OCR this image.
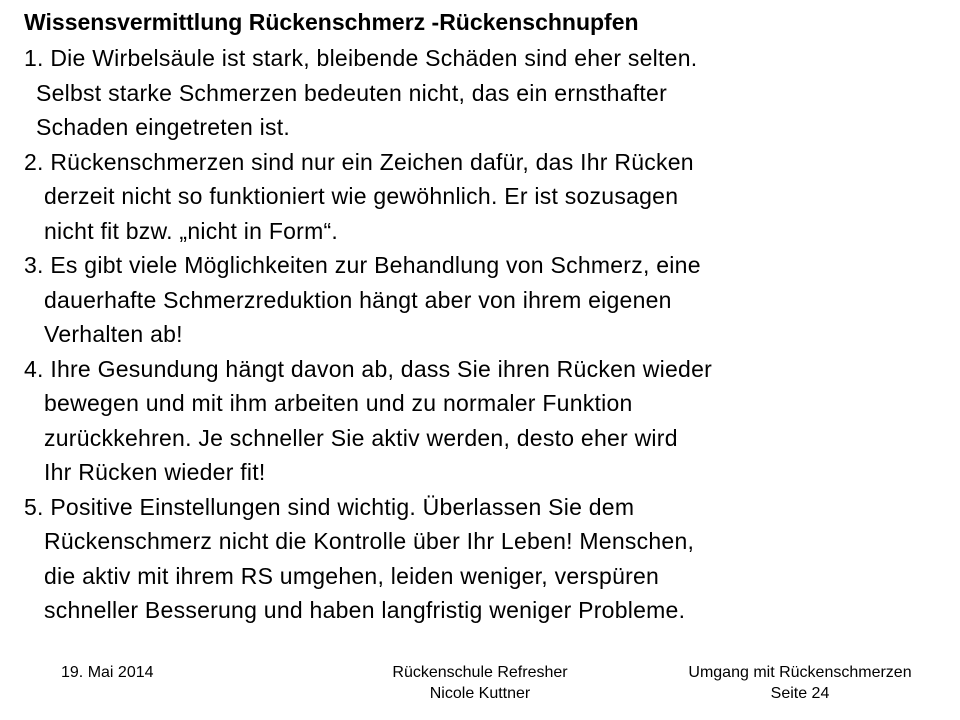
Wissensvermittlung Rückenschmerz -Rückenschnupfen
1. Die Wirbelsäule ist stark, bleibende Schäden sind eher selten.
Selbst starke Schmerzen bedeuten nicht, das ein ernsthafter
Schaden eingetreten ist.
2. Rückenschmerzen sind nur ein Zeichen dafür, das Ihr Rücken
derzeit nicht so funktioniert wie gewöhnlich. Er ist sozusagen
nicht fit bzw. „nicht in Form“.
3. Es gibt viele Möglichkeiten zur Behandlung von Schmerz, eine
dauerhafte Schmerzreduktion hängt aber von ihrem eigenen
Verhalten ab!
4. Ihre Gesundung hängt davon ab, dass Sie ihren Rücken wieder
bewegen und mit ihm arbeiten und zu normaler Funktion
zurückkehren. Je schneller Sie aktiv werden, desto eher wird
Ihr Rücken wieder fit!
5. Positive Einstellungen sind wichtig. Überlassen Sie dem
Rückenschmerz nicht die Kontrolle über Ihr Leben! Menschen,
die aktiv mit ihrem RS umgehen, leiden weniger, verspüren
schneller Besserung und haben langfristig weniger Probleme.
19. Mai 2014	Rückenschule Refresher
Nicole Kuttner
Umgang mit Rückenschmerzen
Seite 24
